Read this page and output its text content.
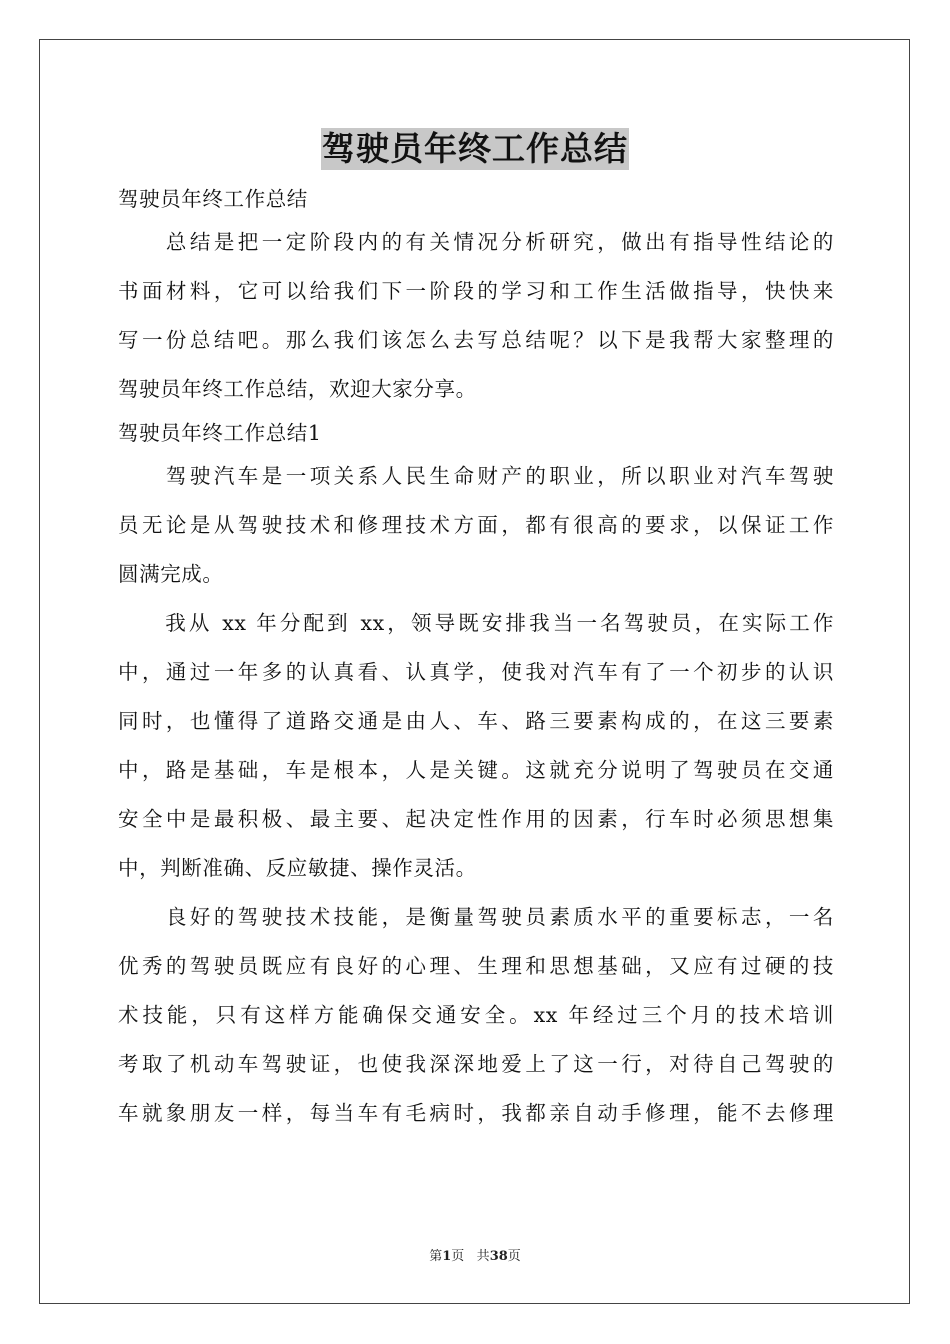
驾驶员年终工作总结
驾驶员年终工作总结
　　总结是把一定阶段内的有关情况分析研究，做出有指导性结论的
书面材料，它可以给我们下一阶段的学习和工作生活做指导，快快来
写一份总结吧。那么我们该怎么去写总结呢？以下是我帮大家整理的
驾驶员年终工作总结，欢迎大家分享。
驾驶员年终工作总结1
　　驾驶汽车是一项关系人民生命财产的职业，所以职业对汽车驾驶
员无论是从驾驶技术和修理技术方面，都有很高的要求，以保证工作
圆满完成。
　　我从 xx 年分配到 xx，领导既安排我当一名驾驶员，在实际工作
中，通过一年多的认真看、认真学，使我对汽车有了一个初步的认识
同时，也懂得了道路交通是由人、车、路三要素构成的，在这三要素
中，路是基础，车是根本，人是关键。这就充分说明了驾驶员在交通
安全中是最积极、最主要、起决定性作用的因素，行车时必须思想集
中，判断准确、反应敏捷、操作灵活。
　　良好的驾驶技术技能，是衡量驾驶员素质水平的重要标志，一名
优秀的驾驶员既应有良好的心理、生理和思想基础，又应有过硬的技
术技能，只有这样方能确保交通安全。xx 年经过三个月的技术培训
考取了机动车驾驶证，也使我深深地爱上了这一行，对待自己驾驶的
车就象朋友一样，每当车有毛病时，我都亲自动手修理，能不去修理
第1页 共38页
